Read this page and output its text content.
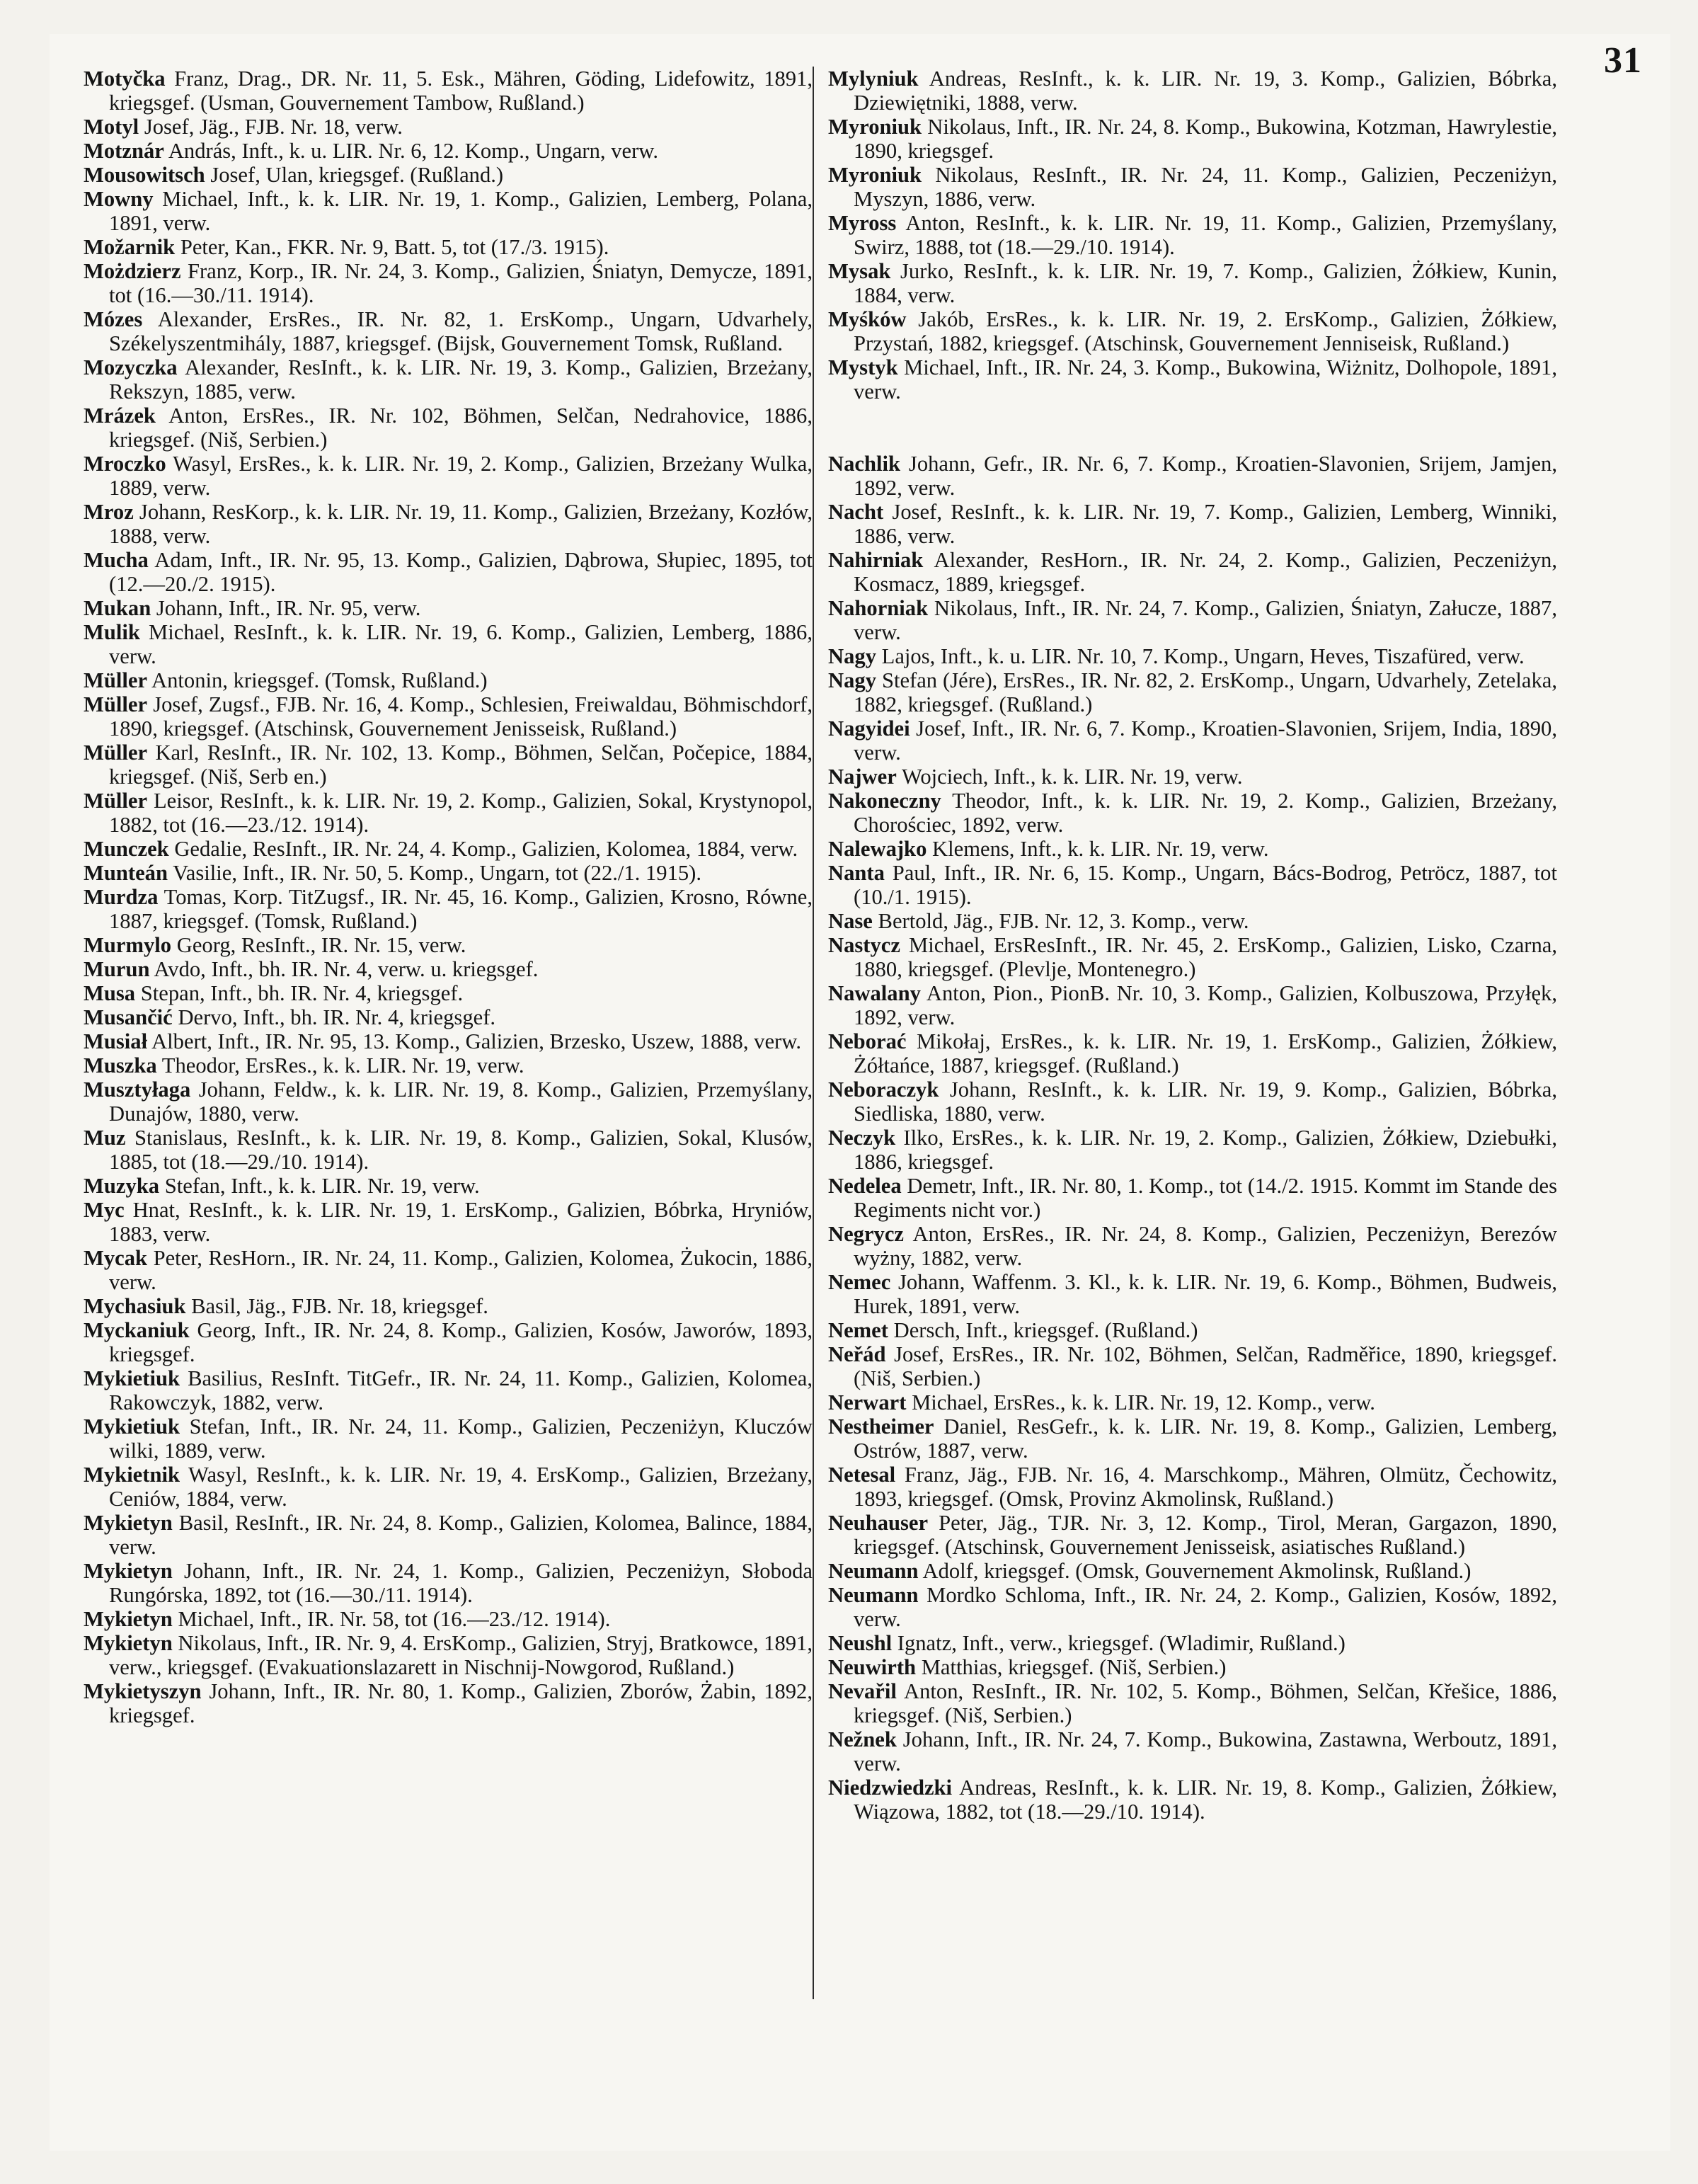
31
Motyčka Franz, Drag., DR. Nr. 11, 5. Esk., Mähren, Göding, Lidefowitz, 1891, kriegsgef. (Usman, Gouvernement Tambow, Rußland.)
Motyl Josef, Jäg., FJB. Nr. 18, verw.
Motznár András, Inft., k. u. LIR. Nr. 6, 12. Komp., Ungarn, verw.
Mousowitsch Josef, Ulan, kriegsgef. (Rußland.)
Mowny Michael, Inft., k. k. LIR. Nr. 19, 1. Komp., Galizien, Lemberg, Polana, 1891, verw.
Možarnik Peter, Kan., FKR. Nr. 9, Batt. 5, tot (17./3. 1915).
Możdzierz Franz, Korp., IR. Nr. 24, 3. Komp., Galizien, Śniatyn, Demycze, 1891, tot (16.—30./11. 1914).
Mózes Alexander, ErsRes., IR. Nr. 82, 1. ErsKomp., Ungarn, Udvarhely, Székelyszentmihály, 1887, kriegsgef. (Bijsk, Gouvernement Tomsk, Rußland.
Mozyczka Alexander, ResInft., k. k. LIR. Nr. 19, 3. Komp., Galizien, Brzeżany, Rekszyn, 1885, verw.
Mrázek Anton, ErsRes., IR. Nr. 102, Böhmen, Selčan, Nedrahovice, 1886, kriegsgef. (Niš, Serbien.)
Mroczko Wasyl, ErsRes., k. k. LIR. Nr. 19, 2. Komp., Galizien, Brzeżany Wulka, 1889, verw.
Mroz Johann, ResKorp., k. k. LIR. Nr. 19, 11. Komp., Galizien, Brzeżany, Kozłów, 1888, verw.
Mucha Adam, Inft., IR. Nr. 95, 13. Komp., Galizien, Dąbrowa, Słupiec, 1895, tot (12.—20./2. 1915).
Mukan Johann, Inft., IR. Nr. 95, verw.
Mulik Michael, ResInft., k. k. LIR. Nr. 19, 6. Komp., Galizien, Lemberg, 1886, verw.
Müller Antonin, kriegsgef. (Tomsk, Rußland.)
Müller Josef, Zugsf., FJB. Nr. 16, 4. Komp., Schlesien, Freiwaldau, Böhmischdorf, 1890, kriegsgef. (Atschinsk, Gouvernement Jenisseisk, Rußland.)
Müller Karl, ResInft., IR. Nr. 102, 13. Komp., Böhmen, Selčan, Počepice, 1884, kriegsgef. (Niš, Serb en.)
Müller Leisor, ResInft., k. k. LIR. Nr. 19, 2. Komp., Galizien, Sokal, Krystynopol, 1882, tot (16.—23./12. 1914).
Munczek Gedalie, ResInft., IR. Nr. 24, 4. Komp., Galizien, Kolomea, 1884, verw.
Munteán Vasilie, Inft., IR. Nr. 50, 5. Komp., Ungarn, tot (22./1. 1915).
Murdza Tomas, Korp. TitZugsf., IR. Nr. 45, 16. Komp., Galizien, Krosno, Równe, 1887, kriegsgef. (Tomsk, Rußland.)
Murmylo Georg, ResInft., IR. Nr. 15, verw.
Murun Avdo, Inft., bh. IR. Nr. 4, verw. u. kriegsgef.
Musa Stepan, Inft., bh. IR. Nr. 4, kriegsgef.
Musančić Dervo, Inft., bh. IR. Nr. 4, kriegsgef.
Musiał Albert, Inft., IR. Nr. 95, 13. Komp., Galizien, Brzesko, Uszew, 1888, verw.
Muszka Theodor, ErsRes., k. k. LIR. Nr. 19, verw.
Musztyłaga Johann, Feldw., k. k. LIR. Nr. 19, 8. Komp., Galizien, Przemyślany, Dunajów, 1880, verw.
Muz Stanislaus, ResInft., k. k. LIR. Nr. 19, 8. Komp., Galizien, Sokal, Klusów, 1885, tot (18.—29./10. 1914).
Muzyka Stefan, Inft., k. k. LIR. Nr. 19, verw.
Myc Hnat, ResInft., k. k. LIR. Nr. 19, 1. ErsKomp., Galizien, Bóbrka, Hryniów, 1883, verw.
Mycak Peter, ResHorn., IR. Nr. 24, 11. Komp., Galizien, Kolomea, Żukocin, 1886, verw.
Mychasiuk Basil, Jäg., FJB. Nr. 18, kriegsgef.
Myckaniuk Georg, Inft., IR. Nr. 24, 8. Komp., Galizien, Kosów, Jaworów, 1893, kriegsgef.
Mykietiuk Basilius, ResInft. TitGefr., IR. Nr. 24, 11. Komp., Galizien, Kolomea, Rakowczyk, 1882, verw.
Mykietiuk Stefan, Inft., IR. Nr. 24, 11. Komp., Galizien, Peczeniżyn, Kluczów wilki, 1889, verw.
Mykietnik Wasyl, ResInft., k. k. LIR. Nr. 19, 4. ErsKomp., Galizien, Brzeżany, Ceniów, 1884, verw.
Mykietyn Basil, ResInft., IR. Nr. 24, 8. Komp., Galizien, Kolomea, Balince, 1884, verw.
Mykietyn Johann, Inft., IR. Nr. 24, 1. Komp., Galizien, Peczeniżyn, Słoboda Rungórska, 1892, tot (16.—30./11. 1914).
Mykietyn Michael, Inft., IR. Nr. 58, tot (16.—23./12. 1914).
Mykietyn Nikolaus, Inft., IR. Nr. 9, 4. ErsKomp., Galizien, Stryj, Bratkowce, 1891, verw., kriegsgef. (Evakuationslazarett in Nischnij-Nowgorod, Rußland.)
Mykietyszyn Johann, Inft., IR. Nr. 80, 1. Komp., Galizien, Zborów, Żabin, 1892, kriegsgef.
Mylyniuk Andreas, ResInft., k. k. LIR. Nr. 19, 3. Komp., Galizien, Bóbrka, Dziewiętniki, 1888, verw.
Myroniuk Nikolaus, Inft., IR. Nr. 24, 8. Komp., Bukowina, Kotzman, Hawrylestie, 1890, kriegsgef.
Myroniuk Nikolaus, ResInft., IR. Nr. 24, 11. Komp., Galizien, Peczeniżyn, Myszyn, 1886, verw.
Myross Anton, ResInft., k. k. LIR. Nr. 19, 11. Komp., Galizien, Przemyślany, Swirz, 1888, tot (18.—29./10. 1914).
Mysak Jurko, ResInft., k. k. LIR. Nr. 19, 7. Komp., Galizien, Żółkiew, Kunin, 1884, verw.
Myśków Jakób, ErsRes., k. k. LIR. Nr. 19, 2. ErsKomp., Galizien, Żółkiew, Przystań, 1882, kriegsgef. (Atschinsk, Gouvernement Jenniseisk, Rußland.)
Mystyk Michael, Inft., IR. Nr. 24, 3. Komp., Bukowina, Wiżnitz, Dolhopole, 1891, verw.
Nachlik Johann, Gefr., IR. Nr. 6, 7. Komp., Kroatien-Slavonien, Srijem, Jamjen, 1892, verw.
Nacht Josef, ResInft., k. k. LIR. Nr. 19, 7. Komp., Galizien, Lemberg, Winniki, 1886, verw.
Nahirniak Alexander, ResHorn., IR. Nr. 24, 2. Komp., Galizien, Peczeniżyn, Kosmacz, 1889, kriegsgef.
Nahorniak Nikolaus, Inft., IR. Nr. 24, 7. Komp., Galizien, Śniatyn, Załucze, 1887, verw.
Nagy Lajos, Inft., k. u. LIR. Nr. 10, 7. Komp., Ungarn, Heves, Tiszafüred, verw.
Nagy Stefan (Jére), ErsRes., IR. Nr. 82, 2. ErsKomp., Ungarn, Udvarhely, Zetelaka, 1882, kriegsgef. (Rußland.)
Nagyidei Josef, Inft., IR. Nr. 6, 7. Komp., Kroatien-Slavonien, Srijem, India, 1890, verw.
Najwer Wojciech, Inft., k. k. LIR. Nr. 19, verw.
Nakoneczny Theodor, Inft., k. k. LIR. Nr. 19, 2. Komp., Galizien, Brzeżany, Chorościec, 1892, verw.
Nalewajko Klemens, Inft., k. k. LIR. Nr. 19, verw.
Nanta Paul, Inft., IR. Nr. 6, 15. Komp., Ungarn, Bács-Bodrog, Petröcz, 1887, tot (10./1. 1915).
Nase Bertold, Jäg., FJB. Nr. 12, 3. Komp., verw.
Nastycz Michael, ErsResInft., IR. Nr. 45, 2. ErsKomp., Galizien, Lisko, Czarna, 1880, kriegsgef. (Plevlje, Montenegro.)
Nawalany Anton, Pion., PionB. Nr. 10, 3. Komp., Galizien, Kolbuszowa, Przyłęk, 1892, verw.
Neborać Mikołaj, ErsRes., k. k. LIR. Nr. 19, 1. ErsKomp., Galizien, Żółkiew, Żółtańce, 1887, kriegsgef. (Rußland.)
Neboraczyk Johann, ResInft., k. k. LIR. Nr. 19, 9. Komp., Galizien, Bóbrka, Siedliska, 1880, verw.
Neczyk Ilko, ErsRes., k. k. LIR. Nr. 19, 2. Komp., Galizien, Żółkiew, Dziebułki, 1886, kriegsgef.
Nedelea Demetr, Inft., IR. Nr. 80, 1. Komp., tot (14./2. 1915. Kommt im Stande des Regiments nicht vor.)
Negrycz Anton, ErsRes., IR. Nr. 24, 8. Komp., Galizien, Peczeniżyn, Berezów wyżny, 1882, verw.
Nemec Johann, Waffenm. 3. Kl., k. k. LIR. Nr. 19, 6. Komp., Böhmen, Budweis, Hurek, 1891, verw.
Nemet Dersch, Inft., kriegsgef. (Rußland.)
Neřád Josef, ErsRes., IR. Nr. 102, Böhmen, Selčan, Radměřice, 1890, kriegsgef. (Niš, Serbien.)
Nerwart Michael, ErsRes., k. k. LIR. Nr. 19, 12. Komp., verw.
Nestheimer Daniel, ResGefr., k. k. LIR. Nr. 19, 8. Komp., Galizien, Lemberg, Ostrów, 1887, verw.
Netesal Franz, Jäg., FJB. Nr. 16, 4. Marschkomp., Mähren, Olmütz, Čechowitz, 1893, kriegsgef. (Omsk, Provinz Akmolinsk, Rußland.)
Neuhauser Peter, Jäg., TJR. Nr. 3, 12. Komp., Tirol, Meran, Gargazon, 1890, kriegsgef. (Atschinsk, Gouvernement Jenisseisk, asiatisches Rußland.)
Neumann Adolf, kriegsgef. (Omsk, Gouvernement Akmolinsk, Rußland.)
Neumann Mordko Schloma, Inft., IR. Nr. 24, 2. Komp., Galizien, Kosów, 1892, verw.
Neushl Ignatz, Inft., verw., kriegsgef. (Wladimir, Rußland.)
Neuwirth Matthias, kriegsgef. (Niš, Serbien.)
Nevařil Anton, ResInft., IR. Nr. 102, 5. Komp., Böhmen, Selčan, Křešice, 1886, kriegsgef. (Niš, Serbien.)
Nežnek Johann, Inft., IR. Nr. 24, 7. Komp., Bukowina, Zastawna, Werboutz, 1891, verw.
Niedzwiedzki Andreas, ResInft., k. k. LIR. Nr. 19, 8. Komp., Galizien, Żółkiew, Wiązowa, 1882, tot (18.—29./10. 1914).
